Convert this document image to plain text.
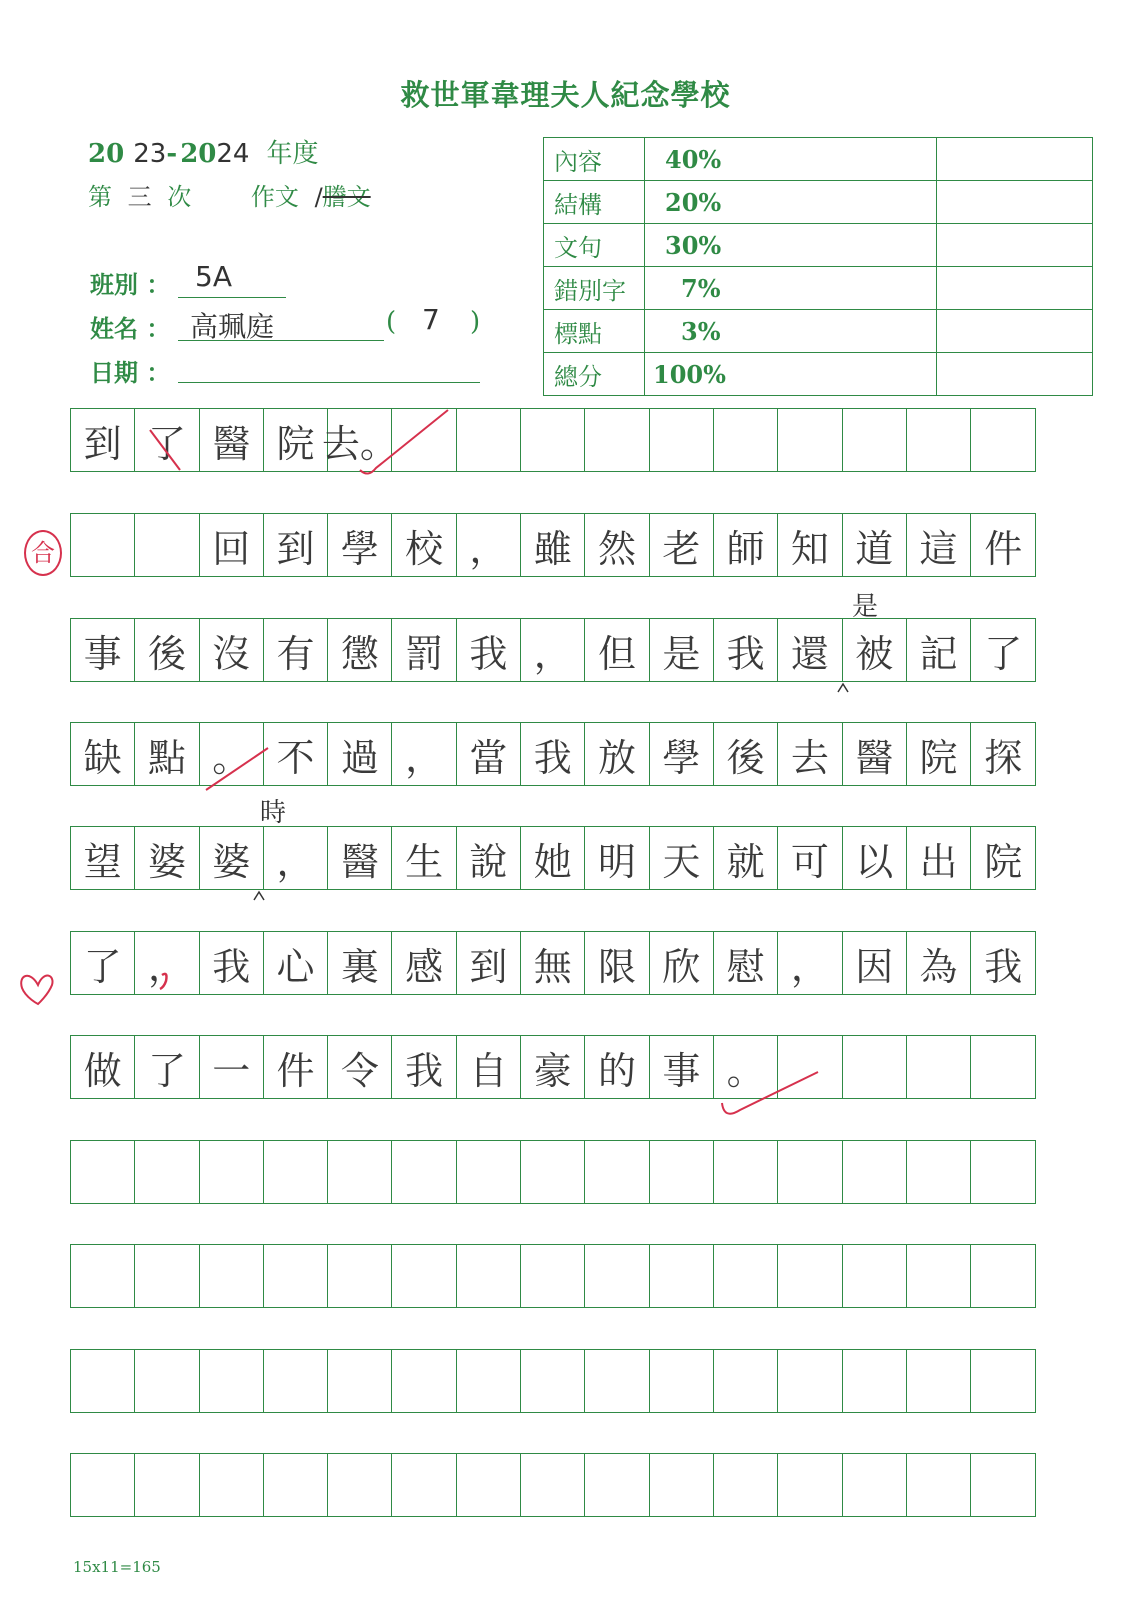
救世軍韋理夫人紀念學校
20 23- 2024 年度
第 三 次 作文 /謄文
班別 ： 5A
姓名 ： 高珮庭	( 7 )
日期 ：
內容	40%	
結構	20%	
文句	30%	
錯別字	7%	
標點	3%	
總分	100%	
到 了 醫 院 去。
回 到 學 校 ， 雖 然 老 師 知 道 這 件
事 後 沒 有 懲 罰 我 ， 但 是 我 還 被 記 了
缺 點 。 不 過 ， 當 我 放 學 後 去 醫 院 探
望 婆 婆 ， 醫 生 說 她 明 天 就 可 以 出 院
了 ， 我 心 裏 感 到 無 限 欣 慰 ， 因 為 我
做 了 一 件 令 我 自 豪 的 事 。
合
是
時
15x11=165
